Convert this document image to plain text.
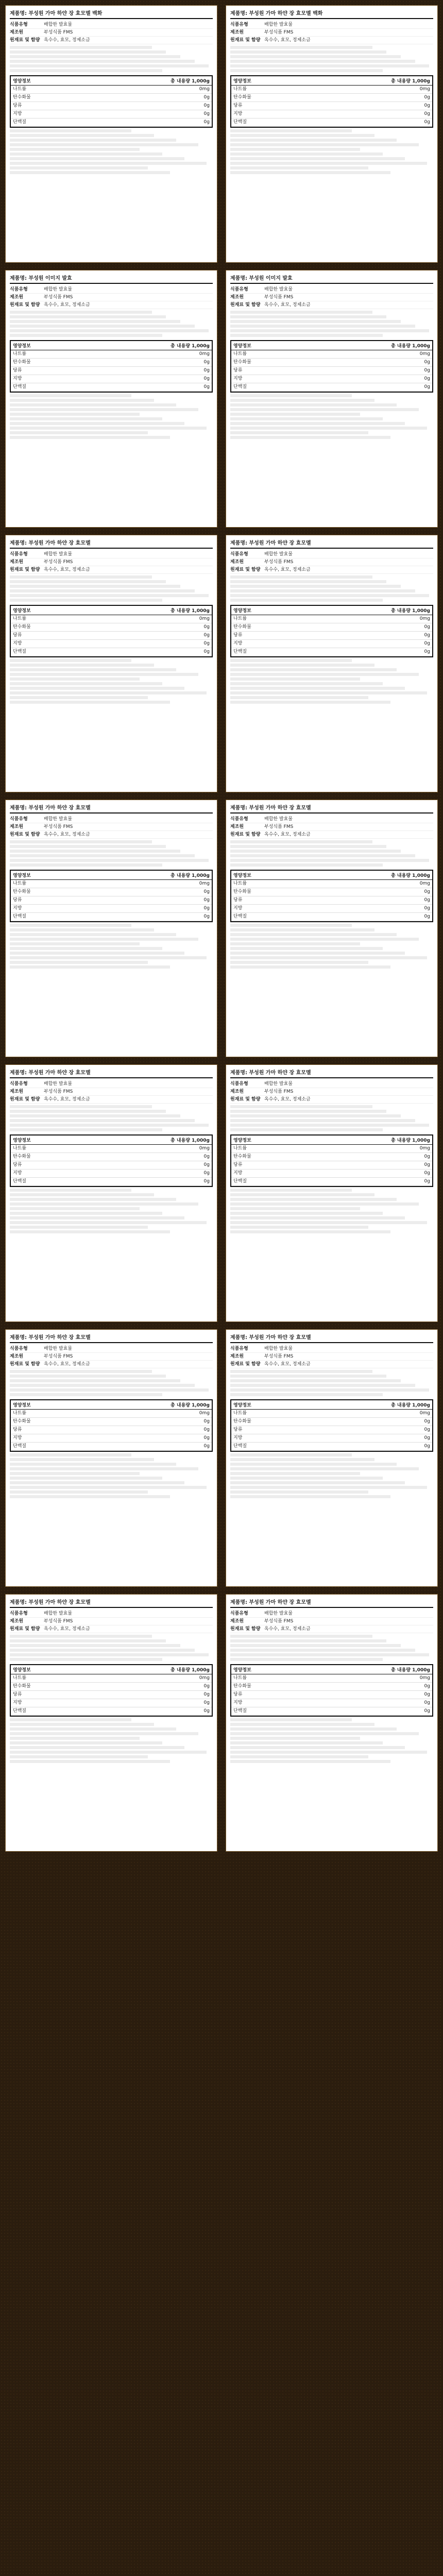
제품명: 부성원 가마 하얀 장 효모멜 백화
식품유형	배합한 발효물
제조원	부성식품 FMS
원재료 및 함량 옥수수, 효모, 정제소금
영양정보	총 내용량 1,000g
나트륨	0mg
탄수화물	0g
당류	0g
지방	0g
단백질	0g
제품명: 부성원 가마 하얀 장 효모멜 백화
식품유형	배합한 발효물
제조원	부성식품 FMS
원재료 및 함량 옥수수, 효모, 정제소금
영양정보	총 내용량 1,000g
나트륨	0mg
탄수화물	0g
당류	0g
지방	0g
단백질	0g
제품명: 부성원 이미지 발효
식품유형	배합한 발효물
제조원	부성식품 FMS
원재료 및 함량 옥수수, 효모, 정제소금
영양정보	총 내용량 1,000g
나트륨	0mg
탄수화물	0g
당류	0g
지방	0g
단백질	0g
제품명: 부성원 이미지 발효
식품유형	배합한 발효물
제조원	부성식품 FMS
원재료 및 함량 옥수수, 효모, 정제소금
영양정보	총 내용량 1,000g
나트륨	0mg
탄수화물	0g
당류	0g
지방	0g
단백질	0g
제품명: 부성원 가마 하얀 장 효모멜
식품유형	배합한 발효물
제조원	부성식품 FMS
원재료 및 함량 옥수수, 효모, 정제소금
영양정보	총 내용량 1,000g
나트륨	0mg
탄수화물	0g
당류	0g
지방	0g
단백질	0g
제품명: 부성원 가마 하얀 장 효모멜
식품유형	배합한 발효물
제조원	부성식품 FMS
원재료 및 함량 옥수수, 효모, 정제소금
영양정보	총 내용량 1,000g
나트륨	0mg
탄수화물	0g
당류	0g
지방	0g
단백질	0g
제품명: 부성원 가마 하얀 장 효모멜
식품유형	배합한 발효물
제조원	부성식품 FMS
원재료 및 함량 옥수수, 효모, 정제소금
영양정보	총 내용량 1,000g
나트륨	0mg
탄수화물	0g
당류	0g
지방	0g
단백질	0g
제품명: 부성원 가마 하얀 장 효모멜
식품유형	배합한 발효물
제조원	부성식품 FMS
원재료 및 함량 옥수수, 효모, 정제소금
영양정보	총 내용량 1,000g
나트륨	0mg
탄수화물	0g
당류	0g
지방	0g
단백질	0g
제품명: 부성원 가마 하얀 장 효모멜
식품유형	배합한 발효물
제조원	부성식품 FMS
원재료 및 함량 옥수수, 효모, 정제소금
영양정보	총 내용량 1,000g
나트륨	0mg
탄수화물	0g
당류	0g
지방	0g
단백질	0g
제품명: 부성원 가마 하얀 장 효모멜
식품유형	배합한 발효물
제조원	부성식품 FMS
원재료 및 함량 옥수수, 효모, 정제소금
영양정보	총 내용량 1,000g
나트륨	0mg
탄수화물	0g
당류	0g
지방	0g
단백질	0g
제품명: 부성원 가마 하얀 장 효모멜
식품유형	배합한 발효물
제조원	부성식품 FMS
원재료 및 함량 옥수수, 효모, 정제소금
영양정보	총 내용량 1,000g
나트륨	0mg
탄수화물	0g
당류	0g
지방	0g
단백질	0g
제품명: 부성원 가마 하얀 장 효모멜
식품유형	배합한 발효물
제조원	부성식품 FMS
원재료 및 함량 옥수수, 효모, 정제소금
영양정보	총 내용량 1,000g
나트륨	0mg
탄수화물	0g
당류	0g
지방	0g
단백질	0g
제품명: 부성원 가마 하얀 장 효모멜
식품유형	배합한 발효물
제조원	부성식품 FMS
원재료 및 함량 옥수수, 효모, 정제소금
영양정보	총 내용량 1,000g
나트륨	0mg
탄수화물	0g
당류	0g
지방	0g
단백질	0g
제품명: 부성원 가마 하얀 장 효모멜
식품유형	배합한 발효물
제조원	부성식품 FMS
원재료 및 함량 옥수수, 효모, 정제소금
영양정보	총 내용량 1,000g
나트륨	0mg
탄수화물	0g
당류	0g
지방	0g
단백질	0g
